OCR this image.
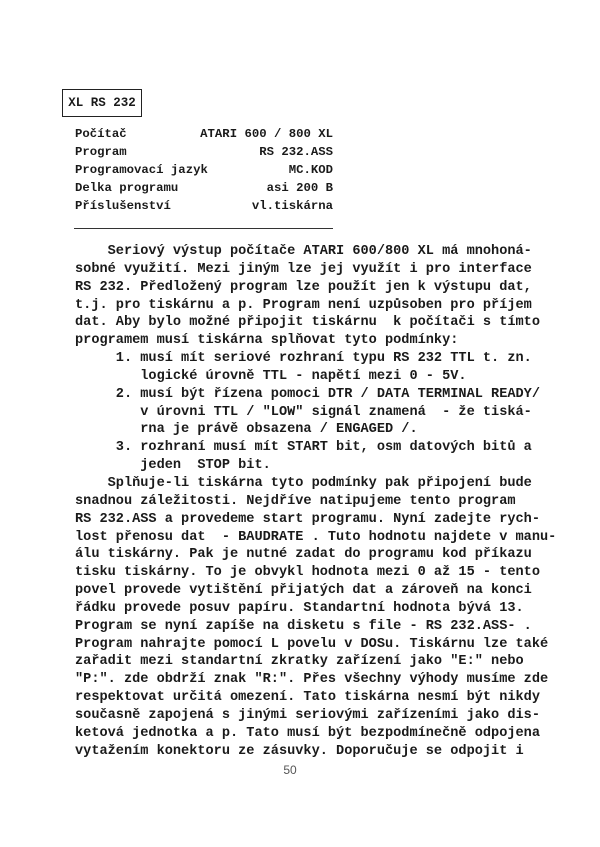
XL RS 232
Počítač	ATARI 600 / 800 XL
Program	RS 232.ASS
Programovací jazyk	MC.KOD
Delka programu	asi 200 B
Příslušenství	vl.tiskárna
Seriový výstup počítače ATARI 600/800 XL má mnohoná-
sobné využití. Mezi jiným lze jej využít i pro interface
RS 232. Předložený program lze použít jen k výstupu dat,
t.j. pro tiskárnu a p. Program není uzpůsoben pro příjem
dat. Aby bylo možné připojit tiskárnu  k počítači s tímto
programem musí tiskárna splňovat tyto podmínky:
1. musí mít seriové rozhraní typu RS 232 TTL t. zn.
logické úrovně TTL - napětí mezi 0 - 5V.
2. musí být řízena pomoci DTR / DATA TERMINAL READY/
v úrovni TTL / "LOW" signál znamená  - že tiská-
rna je právě obsazena / ENGAGED /.
3. rozhraní musí mít START bit, osm datových bitů a
jeden  STOP bit.
Splňuje-li tiskárna tyto podmínky pak připojení bude
snadnou záležitosti. Nejdříve natipujeme tento program
RS 232.ASS a provedeme start programu. Nyní zadejte rych-
lost přenosu dat  - BAUDRATE . Tuto hodnotu najdete v manu-
álu tiskárny. Pak je nutné zadat do programu kod příkazu
tisku tiskárny. To je obvykl hodnota mezi 0 až 15 - tento
povel provede vytištění přijatých dat a zároveň na konci
řádku provede posuv papíru. Standartní hodnota bývá 13.
Program se nyní zapíše na disketu s file - RS 232.ASS- .
Program nahrajte pomocí L povelu v DOSu. Tiskárnu lze také
zařadit mezi standartní zkratky zařízení jako "E:" nebo
"P:". zde obdrží znak "R:". Přes všechny výhody musíme zde
respektovat určitá omezení. Tato tiskárna nesmí být nikdy
současně zapojená s jinými seriovými zařízeními jako dis-
ketová jednotka a p. Tato musí být bezpodmínečně odpojena
vytažením konektoru ze zásuvky. Doporučuje se odpojit i
50
